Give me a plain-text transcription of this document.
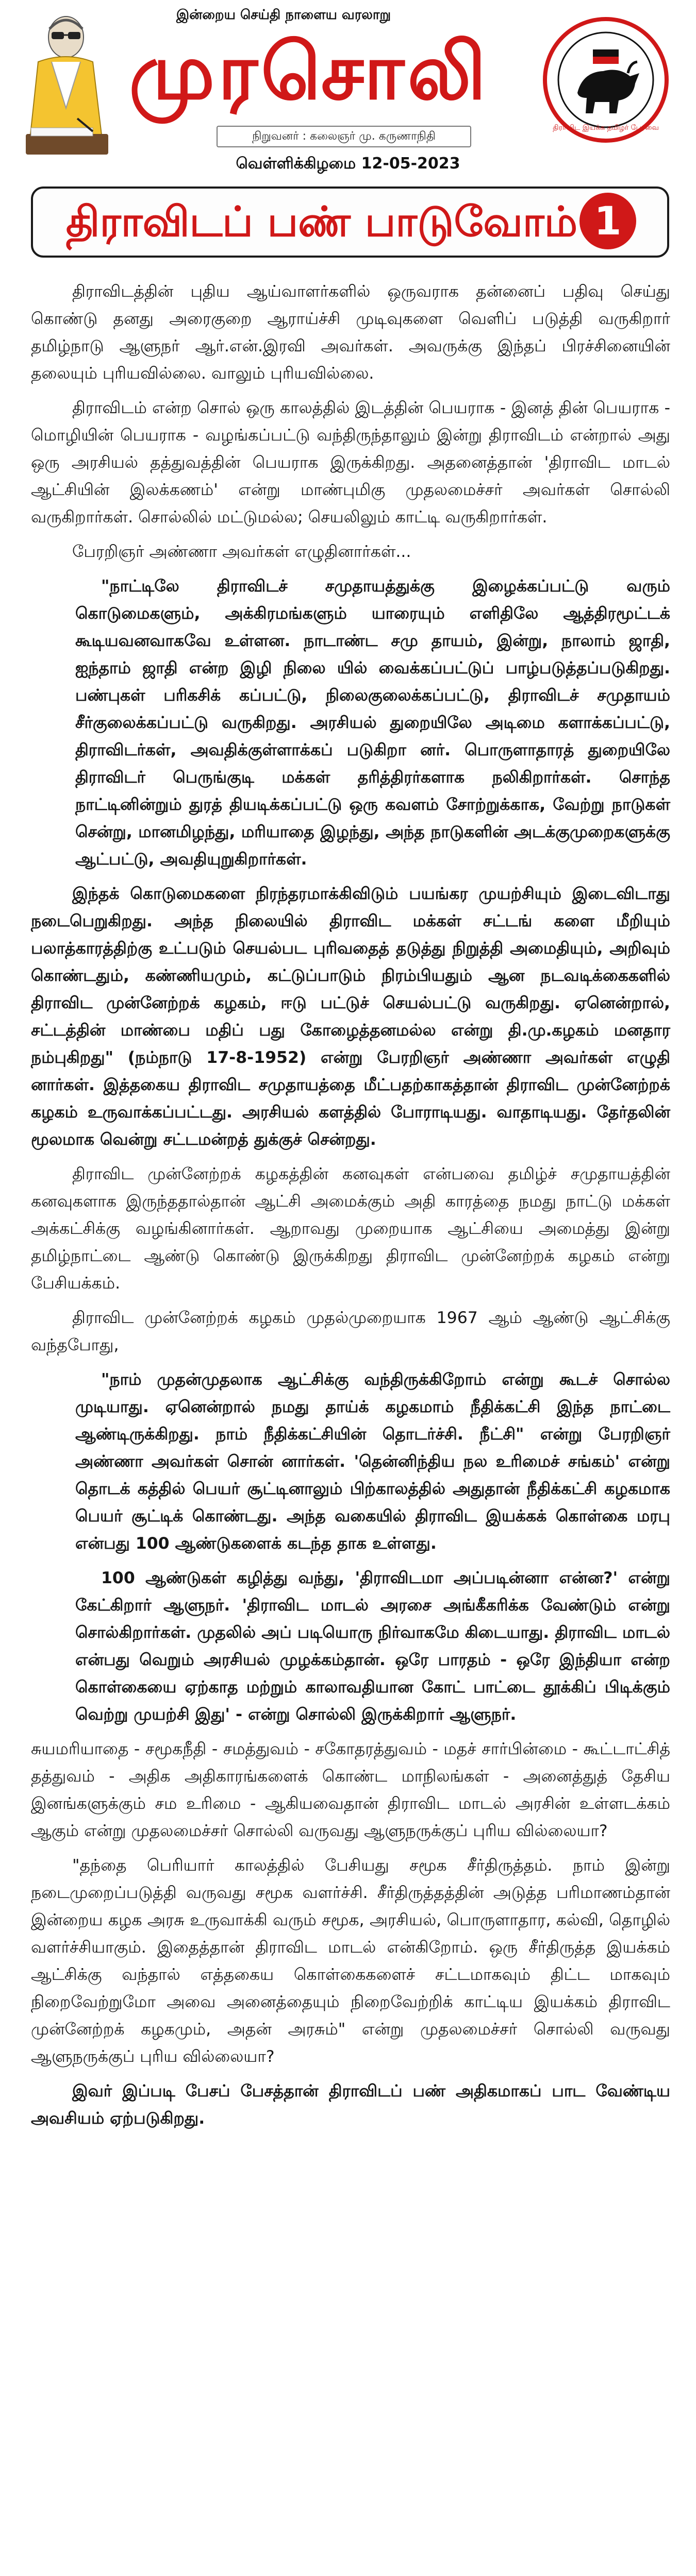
இன்றைய செய்தி நாளைய வரலாறு
முரசொலி
நிறுவனர் : கலைஞர் மு. கருணாநிதி
திராவிட இயக்க தமிழர் பேரவை
வெள்ளிக்கிழமை 12-05-2023
திராவிடப் பண் பாடுவோம் 1

திராவிடத்தின் புதிய ஆய்வாளர்களில் ஒருவராக தன்னைப் பதிவு செய்து கொண்டு தனது அரைகுறை ஆராய்ச்சி முடிவுகளை வெளிப் படுத்தி வருகிறார் தமிழ்நாடு ஆளுநர் ஆர்.என்.இரவி அவர்கள். அவருக்கு இந்தப் பிரச்சினையின் தலையும் புரியவில்லை. வாலும் புரியவில்லை.

திராவிடம் என்ற சொல் ஒரு காலத்தில் இடத்தின் பெயராக - இனத் தின் பெயராக - மொழியின் பெயராக - வழங்கப்பட்டு வந்திருந்தாலும் இன்று திராவிடம் என்றால் அது ஒரு அரசியல் தத்துவத்தின் பெயராக இருக்கிறது. அதனைத்தான் 'திராவிட மாடல் ஆட்சியின் இலக்கணம்' என்று மாண்புமிகு முதலமைச்சர் அவர்கள் சொல்லி வருகிறார்கள். சொல்லில் மட்டுமல்ல; செயலிலும் காட்டி வருகிறார்கள்.

பேரறிஞர் அண்ணா அவர்கள் எழுதினார்கள்...

"நாட்டிலே திராவிடச் சமுதாயத்துக்கு இழைக்கப்பட்டு வரும் கொடுமைகளும், அக்கிரமங்களும் யாரையும் எளிதிலே ஆத்திரமூட்டக் கூடியவனவாகவே உள்ளன. நாடாண்ட சமு தாயம், இன்று, நாலாம் ஜாதி, ஐந்தாம் ஜாதி என்ற இழி நிலை யில் வைக்கப்பட்டுப் பாழ்படுத்தப்படுகிறது. பண்புகள் பரிகசிக் கப்பட்டு, நிலைகுலைக்கப்பட்டு, திராவிடச் சமுதாயம் சீர்குலைக்கப்பட்டு வருகிறது. அரசியல் துறையிலே அடிமை களாக்கப்பட்டு, திராவிடர்கள், அவதிக்குள்ளாக்கப் படுகிறா னர். பொருளாதாரத் துறையிலே திராவிடர் பெருங்குடி மக்கள் தரித்திரர்களாக நலிகிறார்கள். சொந்த நாட்டினின்றும் துரத் தியடிக்கப்பட்டு ஒரு கவளம் சோற்றுக்காக, வேற்று நாடுகள் சென்று, மானமிழந்து, மரியாதை இழந்து, அந்த நாடுகளின் அடக்குமுறைகளுக்கு ஆட்பட்டு, அவதியுறுகிறார்கள்.

இந்தக் கொடுமைகளை நிரந்தரமாக்கிவிடும் பயங்கர முயற்சியும் இடைவிடாது நடைபெறுகிறது. அந்த நிலையில் திராவிட மக்கள் சட்டங் களை மீறியும் பலாத்காரத்திற்கு உட்படும் செயல்பட புரிவதைத் தடுத்து நிறுத்தி அமைதியும், அறிவும் கொண்டதும், கண்ணியமும், கட்டுப்பாடும் நிரம்பியதும் ஆன நடவடிக்கைகளில் திராவிட முன்னேற்றக் கழகம், ஈடு பட்டுச் செயல்பட்டு வருகிறது. ஏனென்றால், சட்டத்தின் மாண்பை மதிப் பது கோழைத்தனமல்ல என்று தி.மு.கழகம் மனதார நம்புகிறது" (நம்நாடு 17-8-1952) என்று பேரறிஞர் அண்ணா அவர்கள் எழுதி னார்கள். இத்தகைய திராவிட சமுதாயத்தை மீட்பதற்காகத்தான் திராவிட முன்னேற்றக் கழகம் உருவாக்கப்பட்டது. அரசியல் களத்தில் போராடியது. வாதாடியது. தேர்தலின் மூலமாக வென்று சட்டமன்றத் துக்குச் சென்றது.

திராவிட முன்னேற்றக் கழகத்தின் கனவுகள் என்பவை தமிழ்ச் சமுதாயத்தின் கனவுகளாக இருந்ததால்தான் ஆட்சி அமைக்கும் அதி காரத்தை நமது நாட்டு மக்கள் அக்கட்சிக்கு வழங்கினார்கள். ஆறாவது முறையாக ஆட்சியை அமைத்து இன்று தமிழ்நாட்டை ஆண்டு கொண்டு இருக்கிறது திராவிட முன்னேற்றக் கழகம் என்று பேசியக்கம்.

திராவிட முன்னேற்றக் கழகம் முதல்முறையாக 1967 ஆம் ஆண்டு ஆட்சிக்கு வந்தபோது,

"நாம் முதன்முதலாக ஆட்சிக்கு வந்திருக்கிறோம் என்று கூடச் சொல்ல முடியாது. ஏனென்றால் நமது தாய்க் கழகமாம் நீதிக்கட்சி இந்த நாட்டை ஆண்டிருக்கிறது. நாம் நீதிக்கட்சியின் தொடர்ச்சி. நீட்சி" என்று பேரறிஞர் அண்ணா அவர்கள் சொன் னார்கள். 'தென்னிந்திய நல உரிமைச் சங்கம்' என்று தொடக் கத்தில் பெயர் சூட்டினாலும் பிற்காலத்தில் அதுதான் நீதிக்கட்சி கழகமாக பெயர் சூட்டிக் கொண்டது. அந்த வகையில் திராவிட இயக்கக் கொள்கை மரபு என்பது 100 ஆண்டுகளைக் கடந்த தாக உள்ளது.

100 ஆண்டுகள் கழித்து வந்து, 'திராவிடமா அப்படின்னா என்ன?' என்று கேட்கிறார் ஆளுநர். 'திராவிட மாடல் அரசை அங்கீகரிக்க வேண்டும் என்று சொல்கிறார்கள். முதலில் அப் படியொரு நிர்வாகமே கிடையாது. திராவிட மாடல் என்பது வெறும் அரசியல் முழக்கம்தான். ஒரே பாரதம் - ஒரே இந்தியா என்ற கொள்கையை ஏற்காத மற்றும் காலாவதியான கோட் பாட்டை தூக்கிப் பிடிக்கும் வெற்று முயற்சி இது' - என்று சொல்லி இருக்கிறார் ஆளுநர்.

சுயமரியாதை - சமூகநீதி - சமத்துவம் - சகோதரத்துவம் - மதச் சார்பின்மை - கூட்டாட்சித் தத்துவம் - அதிக அதிகாரங்களைக் கொண்ட மாநிலங்கள் - அனைத்துத் தேசிய இனங்களுக்கும் சம உரிமை - ஆகியவைதான் திராவிட மாடல் அரசின் உள்ளடக்கம் ஆகும் என்று முதலமைச்சர் சொல்லி வருவது ஆளுநருக்குப் புரிய வில்லையா?

"தந்தை பெரியார் காலத்தில் பேசியது சமூக சீர்திருத்தம். நாம் இன்று நடைமுறைப்படுத்தி வருவது சமூக வளர்ச்சி. சீர்திருத்தத்தின் அடுத்த பரிமாணம்தான் இன்றைய கழக அரசு உருவாக்கி வரும் சமூக, அரசியல், பொருளாதார, கல்வி, தொழில் வளர்ச்சியாகும். இதைத்தான் திராவிட மாடல் என்கிறோம். ஒரு சீர்திருத்த இயக்கம் ஆட்சிக்கு வந்தால் எத்தகைய கொள்கைகளைச் சட்டமாகவும் திட்ட மாகவும் நிறைவேற்றுமோ அவை அனைத்தையும் நிறைவேற்றிக் காட்டிய இயக்கம் திராவிட முன்னேற்றக் கழகமும், அதன் அரசும்" என்று முதலமைச்சர் சொல்லி வருவது ஆளுநருக்குப் புரிய வில்லையா?

இவர் இப்படி பேசப் பேசத்தான் திராவிடப் பண் அதிகமாகப் பாட வேண்டிய அவசியம் ஏற்படுகிறது.
